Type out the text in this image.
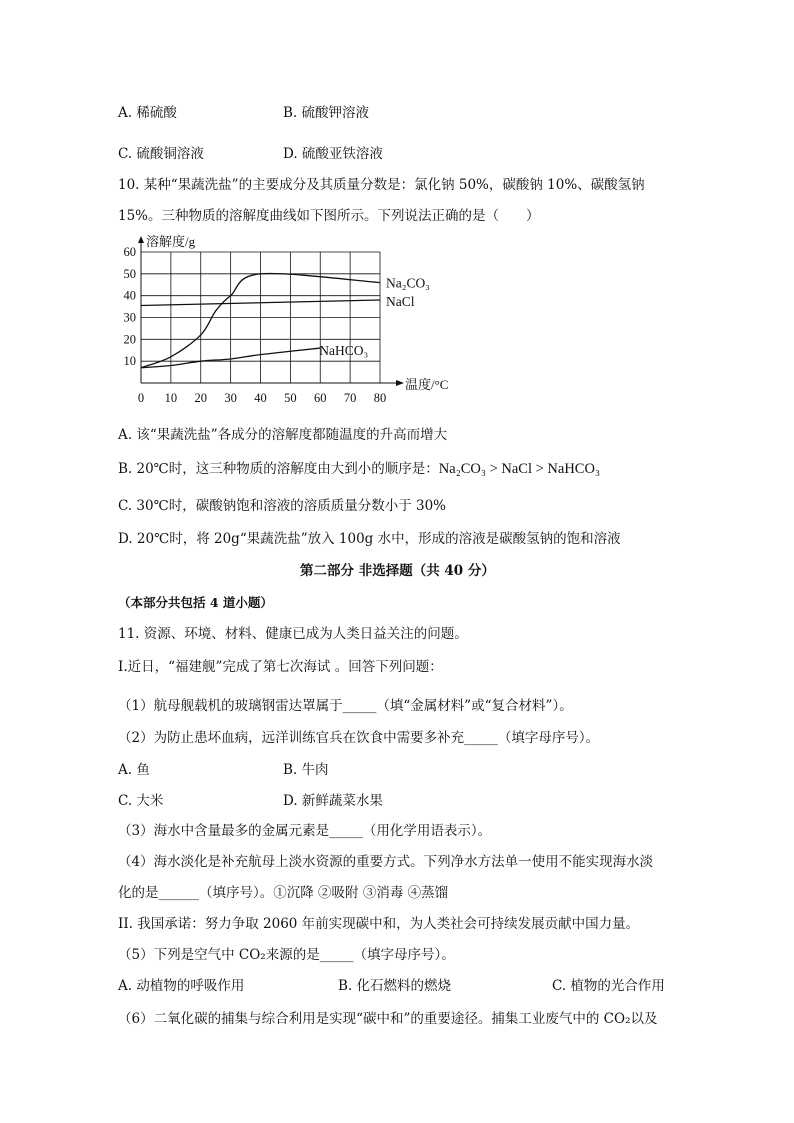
A. 稀硫酸	B. 硫酸钾溶液
C. 硫酸铜溶液	D. 硫酸亚铁溶液
10. 某种“果蔬洗盐”的主要成分及其质量分数是：氯化钠 50%，碳酸钠 10%、碳酸氢钠
15%。三种物质的溶解度曲线如下图所示。下列说法正确的是（　　）
溶解度/g
温度/°C
0 10 20 30 40 50 60 70 80
10
20
30
40
50
60
Na₂CO₃
NaCl
NaHCO₃
A. 该“果蔬洗盐”各成分的溶解度都随温度的升高而增大
B. 20℃时，这三种物质的溶解度由大到小的顺序是：Na₂CO₃ > NaCl > NaHCO₃
C. 30℃时，碳酸钠饱和溶液的溶质质量分数小于 30%
D. 20℃时，将 20g“果蔬洗盐”放入 100g 水中，形成的溶液是碳酸氢钠的饱和溶液
第二部分 非选择题（共 40 分）
（本部分共包括 4 道小题）
11. 资源、环境、材料、健康已成为人类日益关注的问题。
I.近日，“福建舰”完成了第七次海试 。回答下列问题：
（1）航母舰载机的玻璃钢雷达罩属于_____（填“金属材料”或“复合材料”）。
（2）为防止患坏血病，远洋训练官兵在饮食中需要多补充_____（填字母序号）。
A. 鱼	B. 牛肉
C. 大米	D. 新鲜蔬菜水果
（3）海水中含量最多的金属元素是_____（用化学用语表示）。
（4）海水淡化是补充航母上淡水资源的重要方式。下列净水方法单一使用不能实现海水淡
化的是______（填序号）。①沉降 ②吸附 ③消毒 ④蒸馏
II. 我国承诺：努力争取 2060 年前实现碳中和，为人类社会可持续发展贡献中国力量。
（5）下列是空气中 CO₂来源的是_____（填字母序号）。
A. 动植物的呼吸作用	B. 化石燃料的燃烧	C. 植物的光合作用
（6）二氧化碳的捕集与综合利用是实现“碳中和”的重要途径。捕集工业废气中的 CO₂以及
